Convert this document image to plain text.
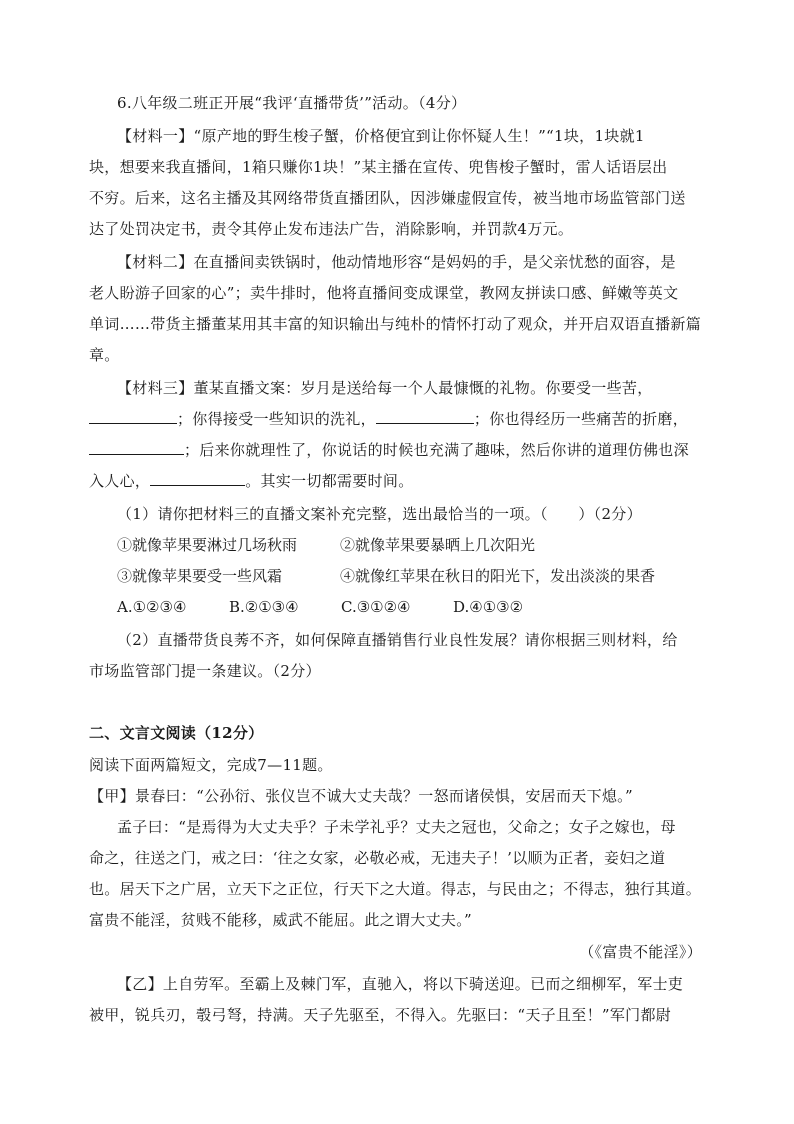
6.八年级二班正开展“我评‘直播带货’”活动。（4分）
【材料一】“原产地的野生梭子蟹，价格便宜到让你怀疑人生！”“1块，1块就1
块，想要来我直播间，1箱只赚你1块！”某主播在宣传、兜售梭子蟹时，雷人话语层出
不穷。后来，这名主播及其网络带货直播团队，因涉嫌虚假宣传，被当地市场监管部门送
达了处罚决定书，责令其停止发布违法广告，消除影响，并罚款4万元。
【材料二】在直播间卖铁锅时，他动情地形容“是妈妈的手，是父亲忧愁的面容，是
老人盼游子回家的心”；卖牛排时，他将直播间变成课堂，教网友拼读口感、鲜嫩等英文
单词……带货主播董某用其丰富的知识输出与纯朴的情怀打动了观众，并开启双语直播新篇
章。
【材料三】董某直播文案：岁月是送给每一个人最慷慨的礼物。你要受一些苦，
；你得接受一些知识的洗礼，	；你也得经历一些痛苦的折磨，
；后来你就理性了，你说话的时候也充满了趣味，然后你讲的道理仿佛也深
入人心，	。其实一切都需要时间。
（1）请你把材料三的直播文案补充完整，选出最恰当的一项。（　　）（2分）
①就像苹果要淋过几场秋雨	②就像苹果要暴晒上几次阳光
③就像苹果要受一些风霜	④就像红苹果在秋日的阳光下，发出淡淡的果香
A.①②③④	B.②①③④	C.③①②④	D.④①③②
（2）直播带货良莠不齐，如何保障直播销售行业良性发展？请你根据三则材料，给
市场监管部门提一条建议。（2分）
二、文言文阅读（12分）
阅读下面两篇短文，完成7—11题。
【甲】景春曰：“公孙衍、张仪岂不诚大丈夫哉？一怒而诸侯惧，安居而天下熄。”
孟子曰：“是焉得为大丈夫乎？子未学礼乎？丈夫之冠也，父命之；女子之嫁也，母
命之，往送之门，戒之曰：‘往之女家，必敬必戒，无违夫子！’以顺为正者，妾妇之道
也。居天下之广居，立天下之正位，行天下之大道。得志，与民由之；不得志，独行其道。
富贵不能淫，贫贱不能移，威武不能屈。此之谓大丈夫。”
（《富贵不能淫》）
【乙】上自劳军。至霸上及棘门军，直驰入，将以下骑送迎。已而之细柳军，军士吏
被甲，锐兵刃，彀弓弩，持满。天子先驱至，不得入。先驱曰：“天子且至！”军门都尉
